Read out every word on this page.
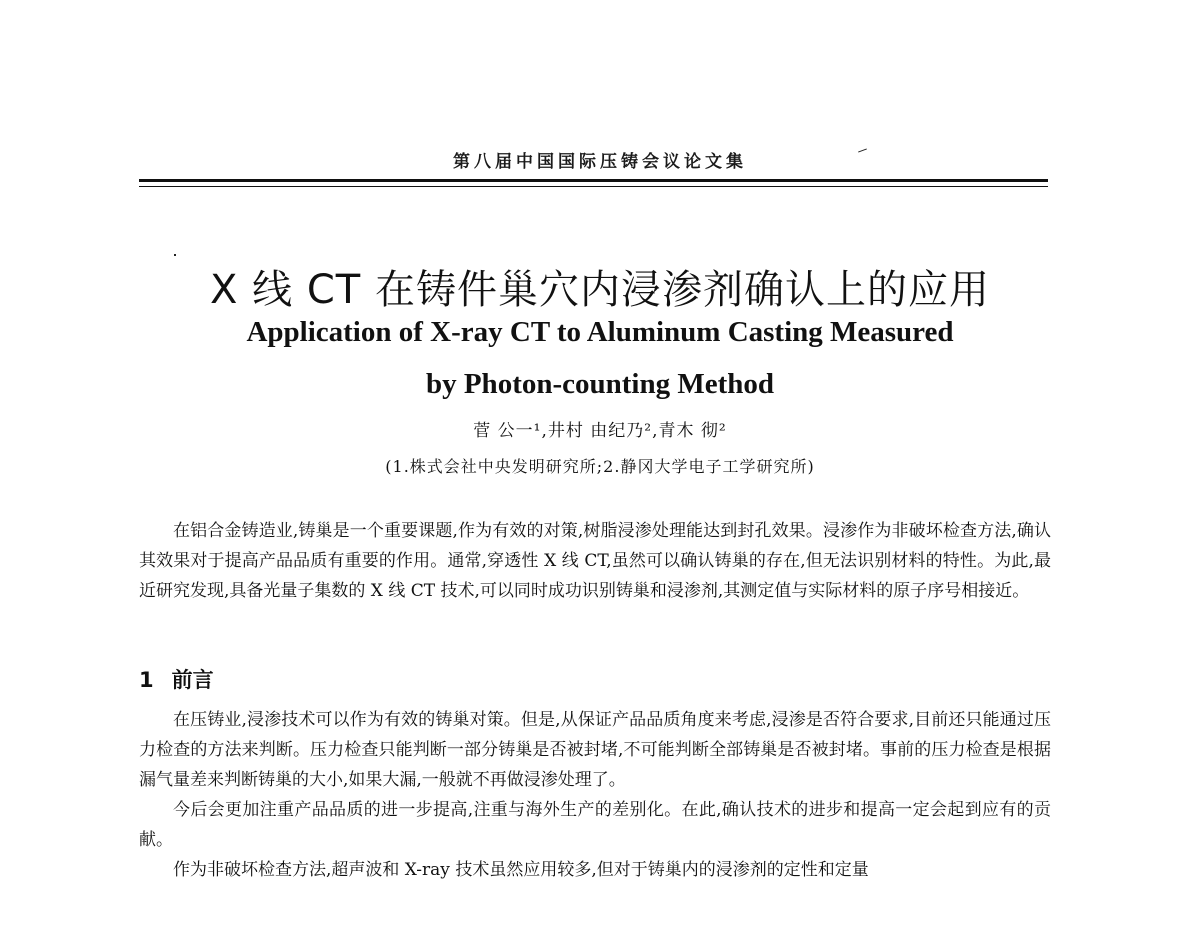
第八届中国国际压铸会议论文集
X 线 CT 在铸件巢穴内浸渗剂确认上的应用
Application of X-ray CT to Aluminum Casting Measured
by Photon-counting Method
菅 公一¹,井村 由纪乃²,青木 彻²
(1.株式会社中央发明研究所;2.静冈大学电子工学研究所)

在铝合金铸造业,铸巢是一个重要课题,作为有效的对策,树脂浸渗处理能达到封孔效果。浸渗作为非破坏检查方法,确认其效果对于提高产品品质有重要的作用。通常,穿透性 X 线 CT,虽然可以确认铸巢的存在,但无法识别材料的特性。为此,最近研究发现,具备光量子集数的 X 线 CT 技术,可以同时成功识别铸巢和浸渗剂,其测定值与实际材料的原子序号相接近。

1 前言

在压铸业,浸渗技术可以作为有效的铸巢对策。但是,从保证产品品质角度来考虑,浸渗是否符合要求,目前还只能通过压力检查的方法来判断。压力检查只能判断一部分铸巢是否被封堵,不可能判断全部铸巢是否被封堵。事前的压力检查是根据漏气量差来判断铸巢的大小,如果大漏,一般就不再做浸渗处理了。

今后会更加注重产品品质的进一步提高,注重与海外生产的差别化。在此,确认技术的进步和提高一定会起到应有的贡献。

作为非破坏检查方法,超声波和 X-ray 技术虽然应用较多,但对于铸巢内的浸渗剂的定性和定量
